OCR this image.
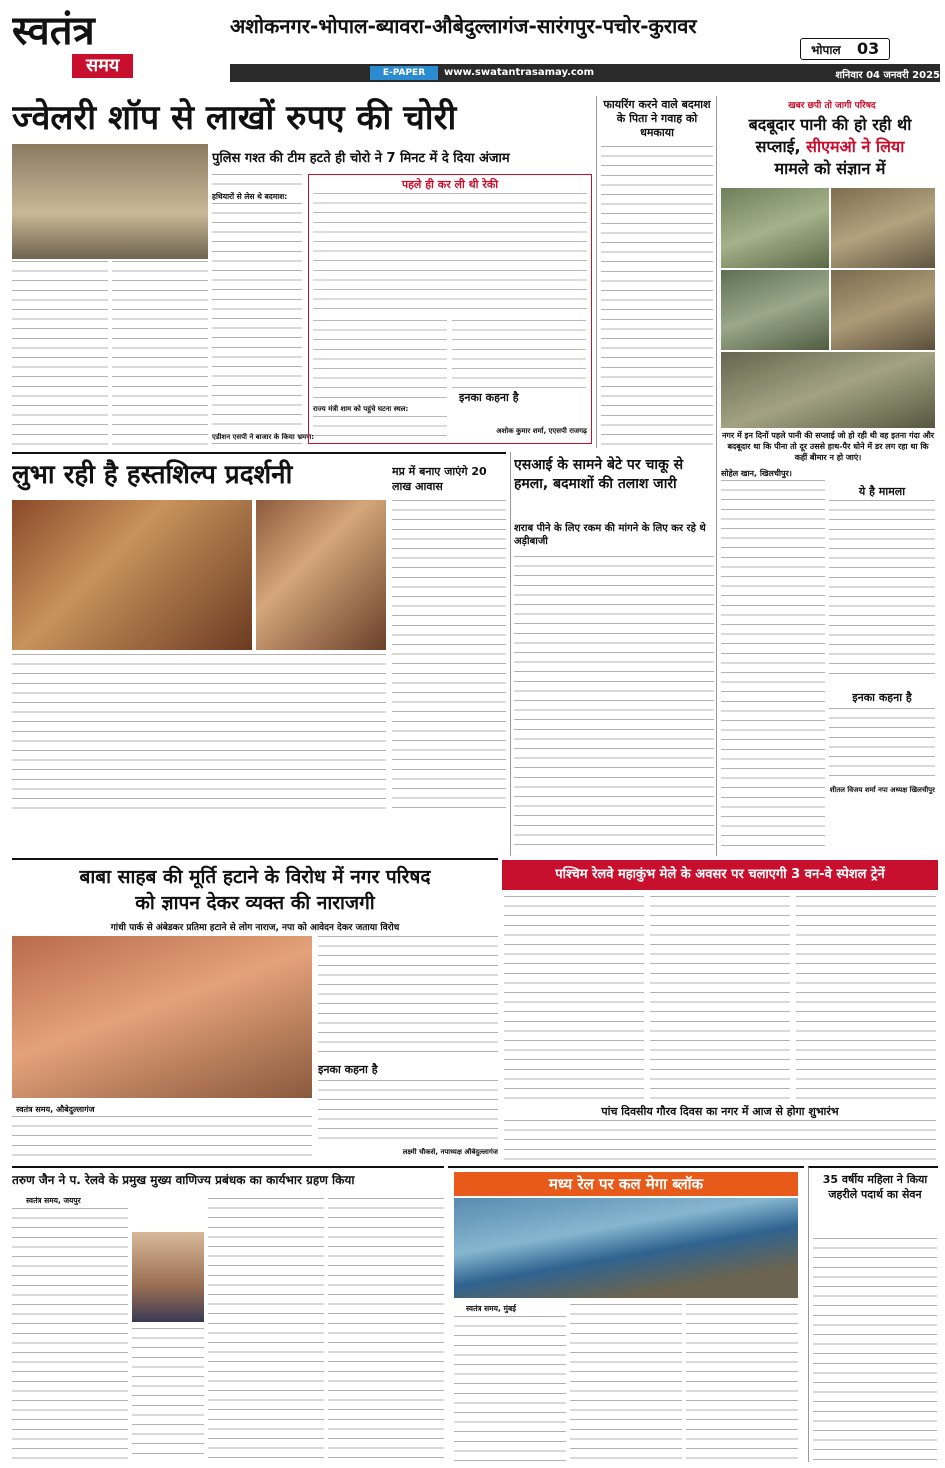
स्वतंत्र
समय
अशोकनगर-भोपाल-ब्यावरा-औबेदुल्लागंज-सारंगपुर-पचोर-कुरावर
E-PAPER	www.swatantrasamay.com
भोपाल 03
शनिवार 04 जनवरी 2025
ज्वेलरी शॉप से लाखों रुपए की चोरी
पुलिस गश्त की टीम हटते ही चोरो ने 7 मिनट में दे दिया अंजाम
हथियारों से लेस थे बदमाश:
एडीशन एसपी ने बाजार के किया भ्रमण:
पहले ही कर ली थी रेकी
राज्य मंत्री शाम को पहुंचे घटना स्थल:
इनका कहना है
अशोक कुमार शर्मा, एएसपी राजगढ़
फायरिंग करने वाले बदमाश के पिता ने गवाह को धमकाया
खबर छपी तो जागी परिषद
बदबूदार पानी की हो रही थी
सप्लाई, सीएमओ ने लिया
मामले को संज्ञान में
नगर में इन दिनों पहले पानी की सप्लाई जो हो रही थी वह इतना गंदा और बदबूदार था कि पीना तो दूर उससे हाथ-पैर धोने में डर लग रहा था कि कहीं बीमार न हो जाएं।
सोहेल खान, खिलचीपुर।
ये है मामला
इनका कहना है
शीतल विजय शर्मा नपा अध्यक्ष खिलचीपुर
लुभा रही है हस्तशिल्प प्रदर्शनी	मप्र में बनाए जाएंगे 20 लाख आवास
एसआई के सामने बेटे पर चाकू से हमला, बदमाशों की तलाश जारी
शराब पीने के लिए रकम की मांगने के लिए कर रहे थे अड़ीबाजी
बाबा साहब की मूर्ति हटाने के विरोध में नगर परिषद
को ज्ञापन देकर व्यक्त की नाराजगी
गांधी पार्क से अंबेडकर प्रतिमा हटाने से लोग नाराज, नपा को आवेदन देकर जताया विरोध
स्वतंत्र समय, औबेदुल्लागंज
इनका कहना है
लक्ष्मी चौकसे, नपाध्यक्ष औबेदुल्लागंज
पश्चिम रेलवे महाकुंभ मेले के अवसर पर चलाएगी 3 वन-वे स्पेशल ट्रेनें
पांच दिवसीय गौरव दिवस का नगर में आज से होगा शुभारंभ
तरुण जैन ने प. रेलवे के प्रमुख मुख्य वाणिज्य प्रबंधक का कार्यभार ग्रहण किया
स्वतंत्र समय, जयपुर
मध्य रेल पर कल मेगा ब्लॉक
स्वतंत्र समय, मुंबई
35 वर्षीय महिला ने किया जहरीले पदार्थ का सेवन
